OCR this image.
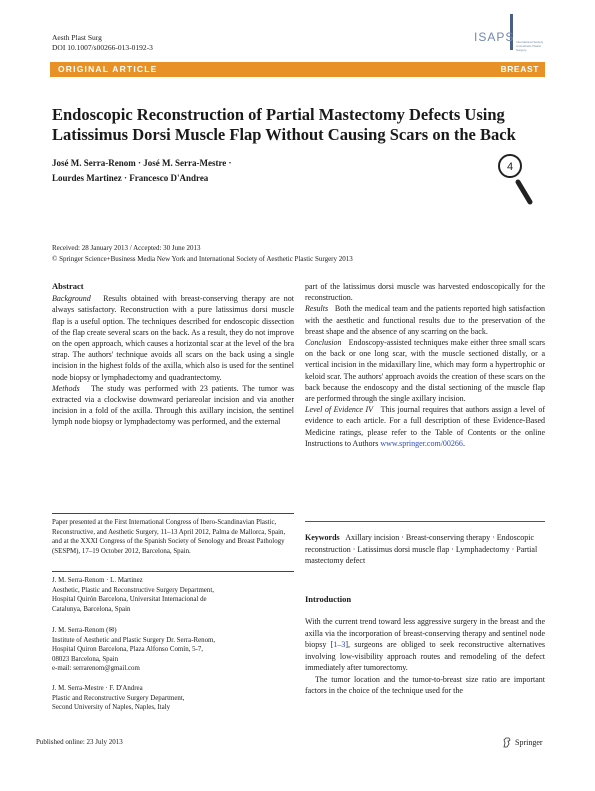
Aesth Plast Surg
DOI 10.1007/s00266-013-0192-3
ISAPS International Society of Aesthetic Plastic Surgery
ORIGINAL ARTICLE	BREAST
Endoscopic Reconstruction of Partial Mastectomy Defects Using Latissimus Dorsi Muscle Flap Without Causing Scars on the Back
José M. Serra-Renom · José M. Serra-Mestre ·
Lourdes Martinez · Francesco D'Andrea
4
Received: 28 January 2013 / Accepted: 30 June 2013
© Springer Science+Business Media New York and International Society of Aesthetic Plastic Surgery 2013
Abstract
Background Results obtained with breast-conserving therapy are not always satisfactory. Reconstruction with a pure latissimus dorsi muscle flap is a useful option. The techniques described for endoscopic dissection of the flap create several scars on the back. As a result, they do not improve on the open approach, which causes a horizontal scar at the level of the bra strap. The authors' technique avoids all scars on the back using a single incision in the highest folds of the axilla, which also is used for the sentinel node biopsy or lymphadectomy and quadrantectomy.
Methods The study was performed with 23 patients. The tumor was extracted via a clockwise downward periareolar incision and via another incision in a fold of the axilla. Through this axillary incision, the sentinel lymph node biopsy or lymphadectomy was performed, and the external
part of the latissimus dorsi muscle was harvested endoscopically for the reconstruction.
Results Both the medical team and the patients reported high satisfaction with the aesthetic and functional results due to the preservation of the breast shape and the absence of any scarring on the back.
Conclusion Endoscopy-assisted techniques make either three small scars on the back or one long scar, with the muscle sectioned distally, or a vertical incision in the midaxillary line, which may form a hypertrophic or keloid scar. The authors' approach avoids the creation of these scars on the back because the endoscopy and the distal sectioning of the muscle flap are performed through the single axillary incision.
Level of Evidence IV This journal requires that authors assign a level of evidence to each article. For a full description of these Evidence-Based Medicine ratings, please refer to the Table of Contents or the online Instructions to Authors www.springer.com/00266.
Paper presented at the First International Congress of Ibero-Scandinavian Plastic, Reconstructive, and Aesthetic Surgery, 11–13 April 2012, Palma de Mallorca, Spain, and at the XXXI Congress of the Spanish Society of Senology and Breast Pathology (SESPM), 17–19 October 2012, Barcelona, Spain.
J. M. Serra-Renom · L. Martinez
Aesthetic, Plastic and Reconstructive Surgery Department,
Hospital Quirón Barcelona, Universitat Internacional de
Catalunya, Barcelona, Spain
J. M. Serra-Renom (✉)
Institute of Aesthetic and Plastic Surgery Dr. Serra-Renom,
Hospital Quiron Barcelona, Plaza Alfonso Comín, 5-7,
08023 Barcelona, Spain
e-mail: serrarenom@gmail.com
J. M. Serra-Mestre · F. D'Andrea
Plastic and Reconstructive Surgery Department,
Second University of Naples, Naples, Italy
Keywords Axillary incision · Breast-conserving therapy · Endoscopic reconstruction · Latissimus dorsi muscle flap · Lymphadectomy · Partial mastectomy defect
Introduction

With the current trend toward less aggressive surgery in the breast and the axilla via the incorporation of breast-conserving therapy and sentinel node biopsy [1–3], surgeons are obliged to seek reconstructive alternatives involving low-visibility approach routes and remodeling of the defect immediately after tumorectomy.

The tumor location and the tumor-to-breast size ratio are important factors in the choice of the technique used for the

Published online: 23 July 2013	Springer
